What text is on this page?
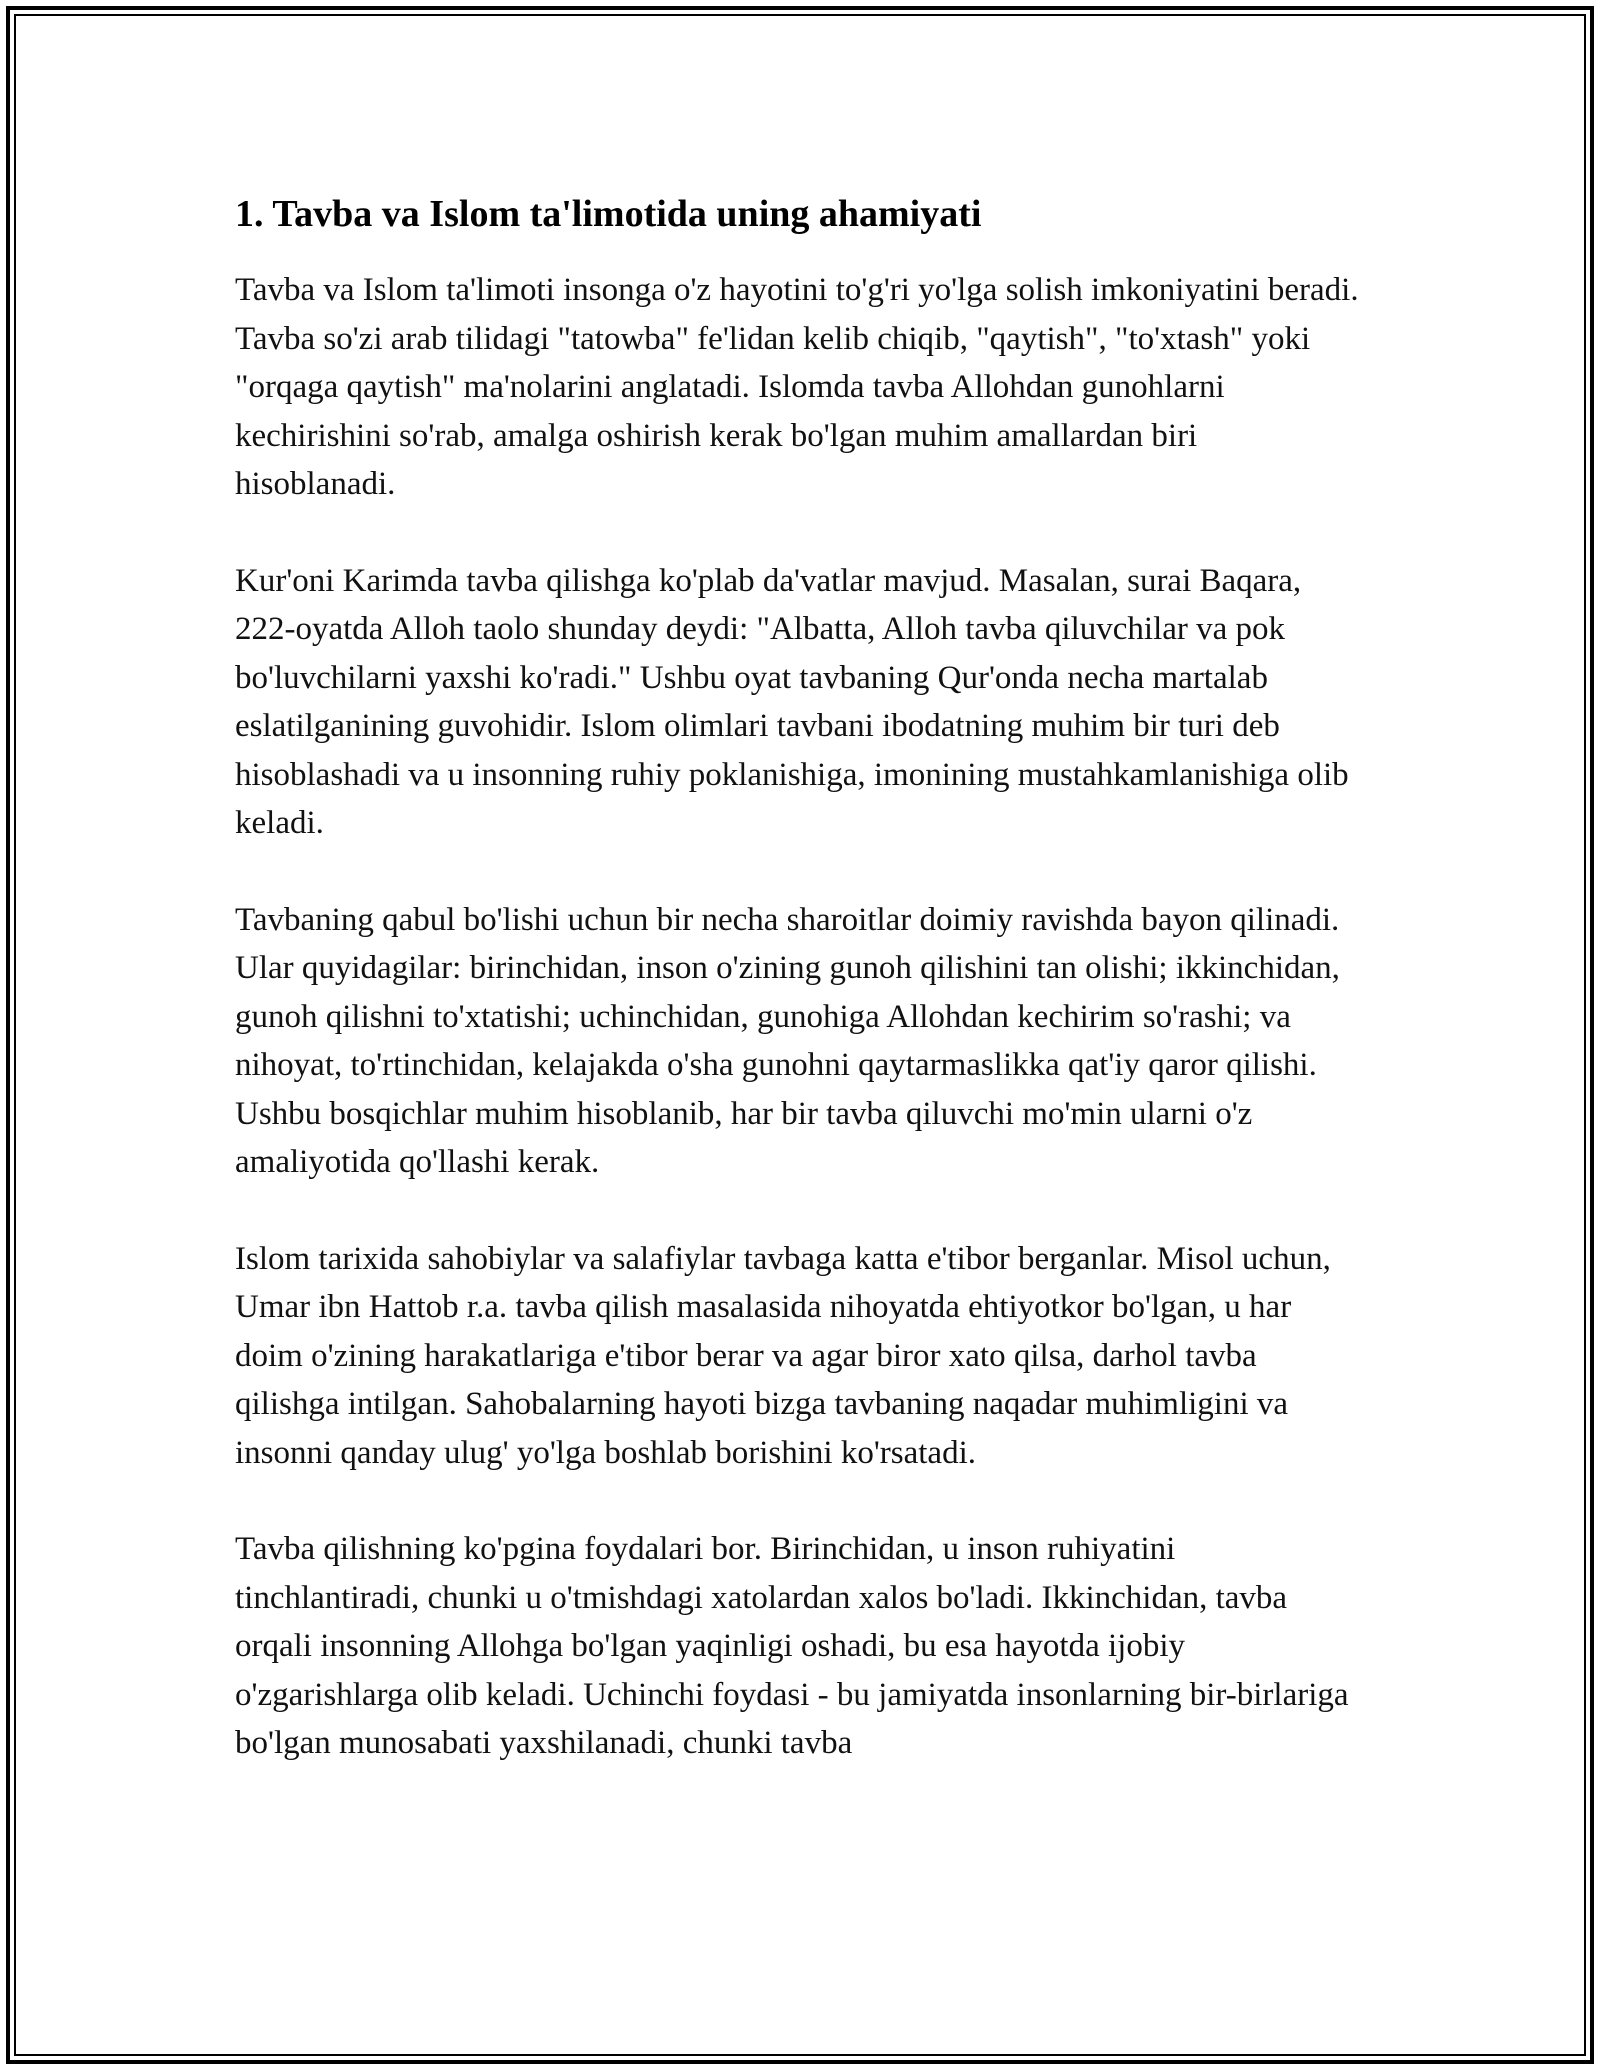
1. Tavba va Islom ta'limotida uning ahamiyati

Tavba va Islom ta'limoti insonga o'z hayotini to'g'ri yo'lga solish imkoniyatini beradi. Tavba so'zi arab tilidagi "tatowba" fe'lidan kelib chiqib, "qaytish", "to'xtash" yoki "orqaga qaytish" ma'nolarini anglatadi. Islomda tavba Allohdan gunohlarni kechirishini so'rab, amalga oshirish kerak bo'lgan muhim amallardan biri hisoblanadi.

Kur'oni Karimda tavba qilishga ko'plab da'vatlar mavjud. Masalan, surai Baqara, 222-oyatda Alloh taolo shunday deydi: "Albatta, Alloh tavba qiluvchilar va pok bo'luvchilarni yaxshi ko'radi." Ushbu oyat tavbaning Qur'onda necha martalab eslatilganining guvohidir. Islom olimlari tavbani ibodatning muhim bir turi deb hisoblashadi va u insonning ruhiy poklanishiga, imonining mustahkamlanishiga olib keladi.

Tavbaning qabul bo'lishi uchun bir necha sharoitlar doimiy ravishda bayon qilinadi. Ular quyidagilar: birinchidan, inson o'zining gunoh qilishini tan olishi; ikkinchidan, gunoh qilishni to'xtatishi; uchinchidan, gunohiga Allohdan kechirim so'rashi; va nihoyat, to'rtinchidan, kelajakda o'sha gunohni qaytarmaslikka qat'iy qaror qilishi. Ushbu bosqichlar muhim hisoblanib, har bir tavba qiluvchi mo'min ularni o'z amaliyotida qo'llashi kerak.

Islom tarixida sahobiylar va salafiylar tavbaga katta e'tibor berganlar. Misol uchun, Umar ibn Hattob r.a. tavba qilish masalasida nihoyatda ehtiyotkor bo'lgan, u har doim o'zining harakatlariga e'tibor berar va agar biror xato qilsa, darhol tavba qilishga intilgan. Sahobalarning hayoti bizga tavbaning naqadar muhimligini va insonni qanday ulug' yo'lga boshlab borishini ko'rsatadi.

Tavba qilishning ko'pgina foydalari bor. Birinchidan, u inson ruhiyatini tinchlantiradi, chunki u o'tmishdagi xatolardan xalos bo'ladi. Ikkinchidan, tavba orqali insonning Allohga bo'lgan yaqinligi oshadi, bu esa hayotda ijobiy o'zgarishlarga olib keladi. Uchinchi foydasi - bu jamiyatda insonlarning bir-birlariga bo'lgan munosabati yaxshilanadi, chunki tavba
